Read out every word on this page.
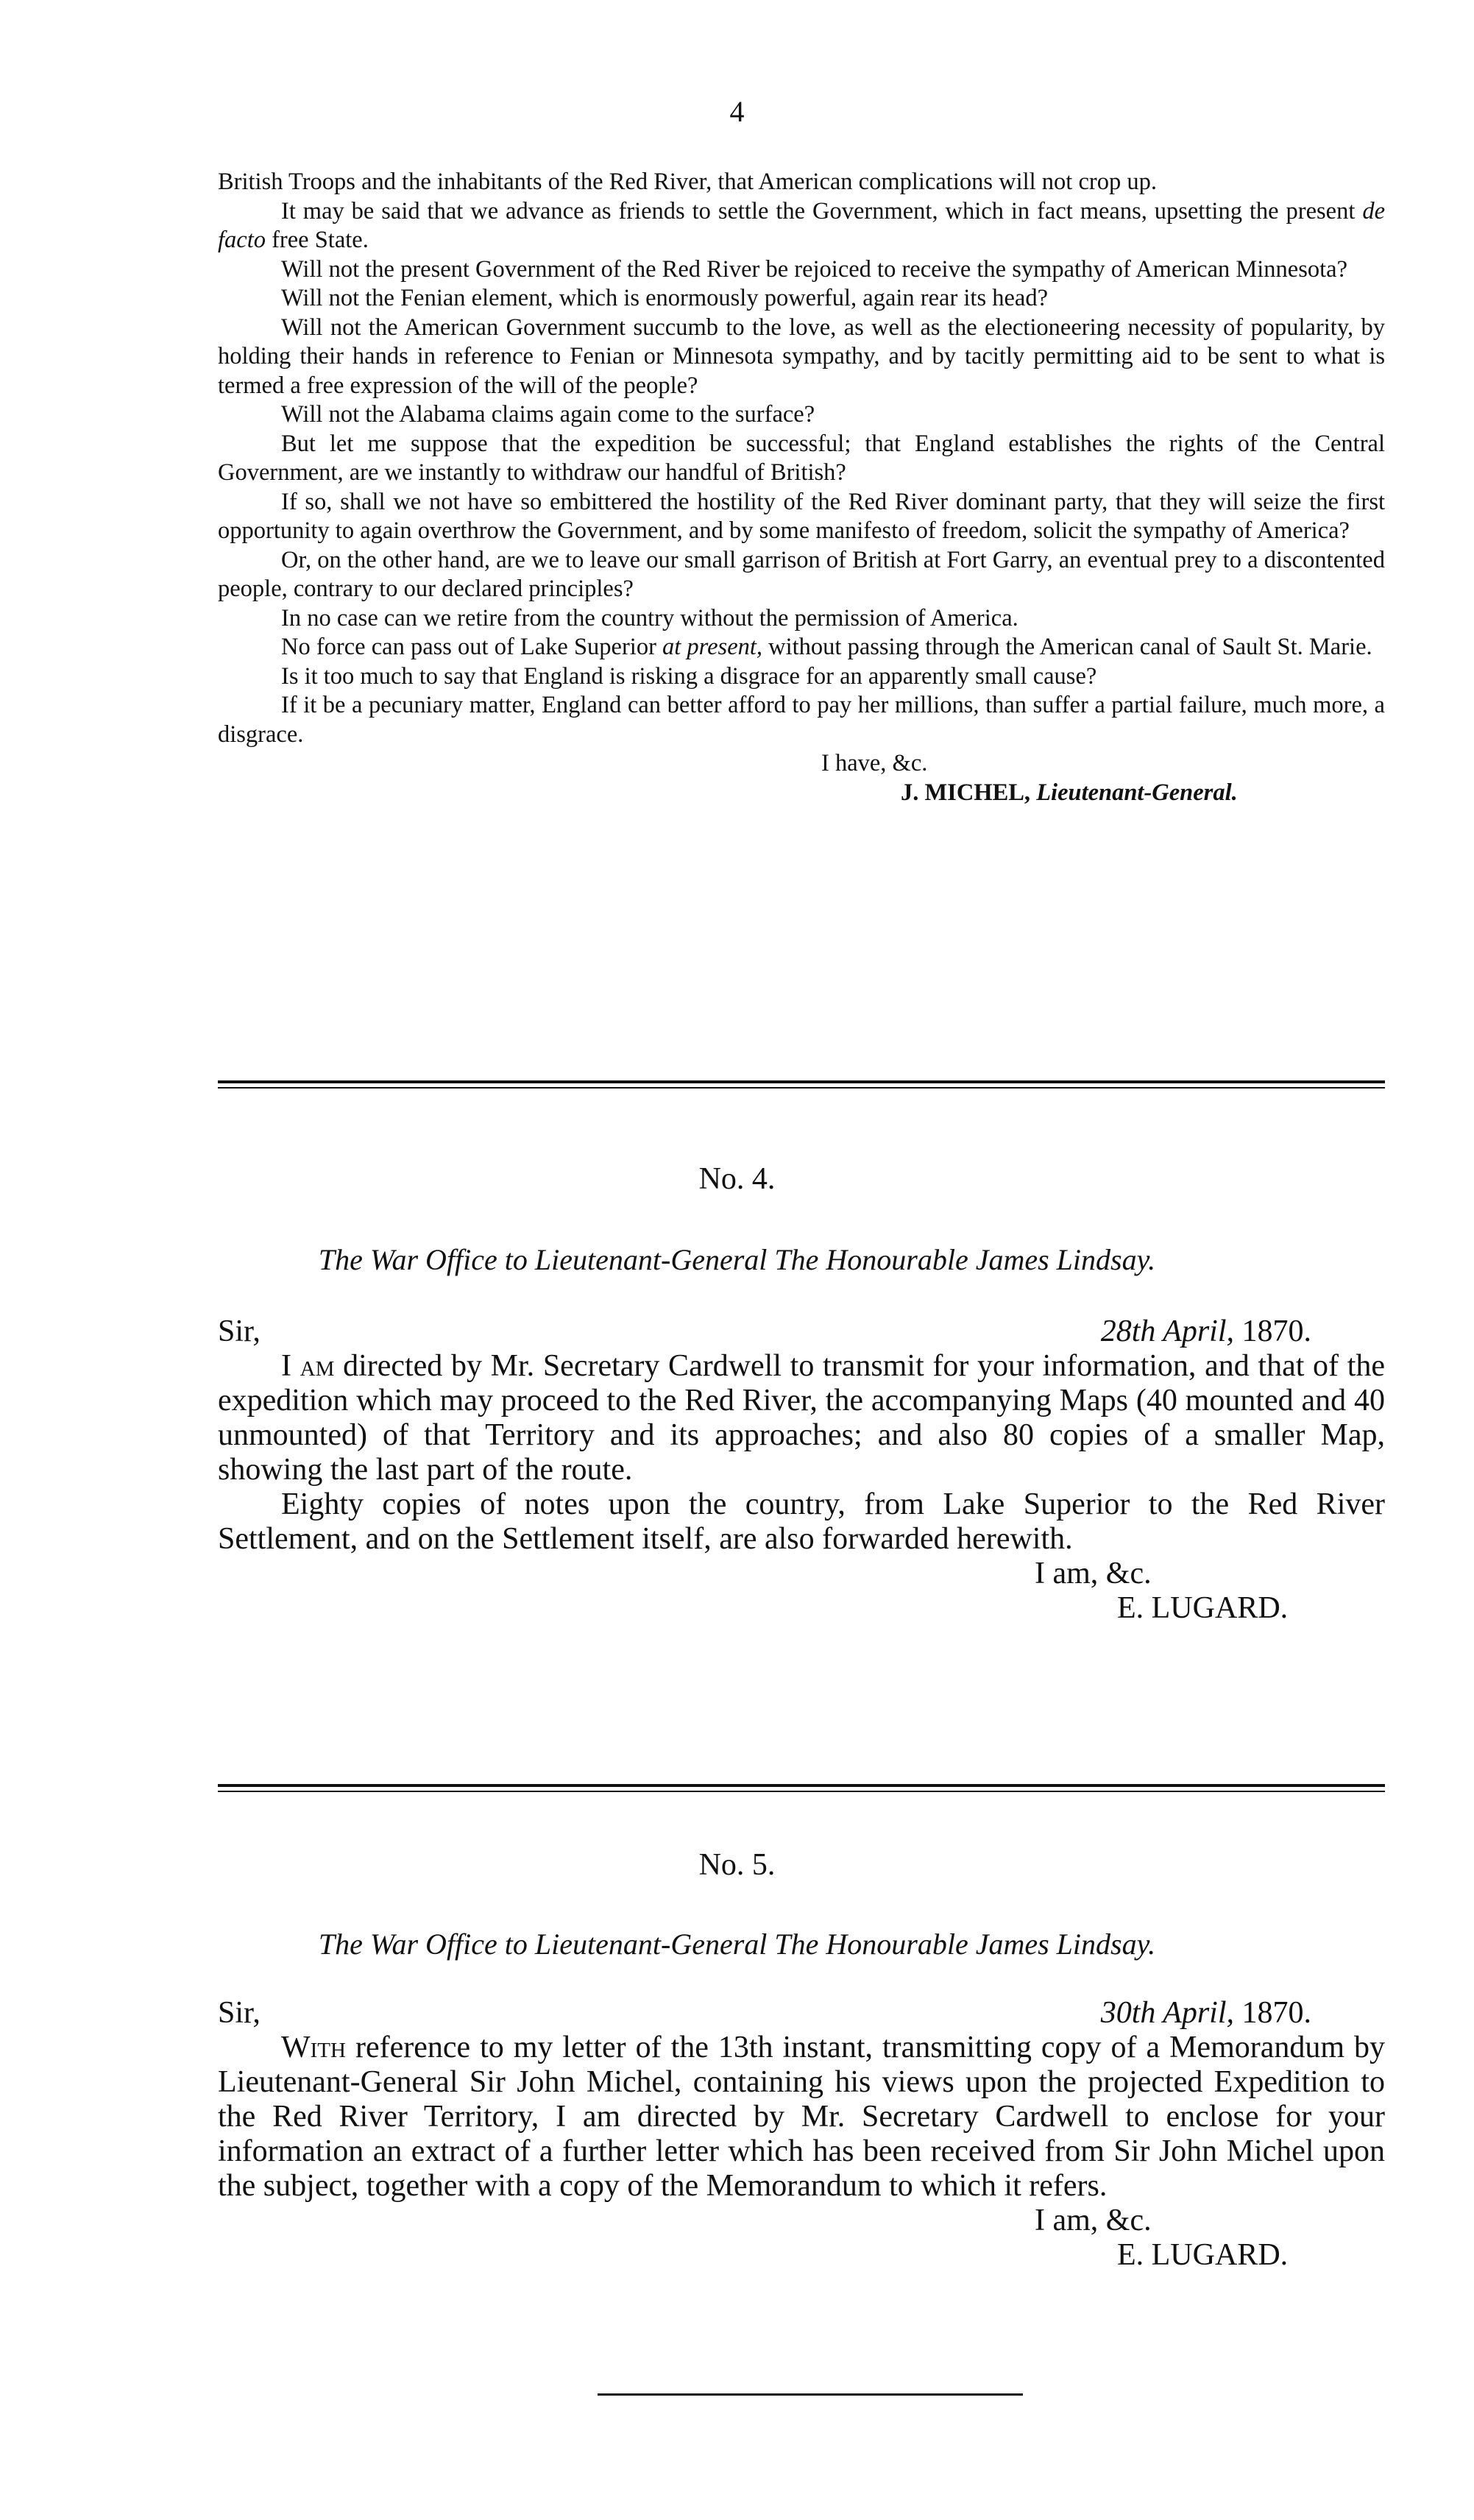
4

British Troops and the inhabitants of the Red River, that American complications will not crop up.

It may be said that we advance as friends to settle the Government, which in fact means, upsetting the present de facto free State.

Will not the present Government of the Red River be rejoiced to receive the sympathy of American Minnesota?

Will not the Fenian element, which is enormously powerful, again rear its head?

Will not the American Government succumb to the love, as well as the electioneering necessity of popularity, by holding their hands in reference to Fenian or Minnesota sympathy, and by tacitly permitting aid to be sent to what is termed a free expression of the will of the people?

Will not the Alabama claims again come to the surface?

But let me suppose that the expedition be successful; that England establishes the rights of the Central Government, are we instantly to withdraw our handful of British?

If so, shall we not have so embittered the hostility of the Red River dominant party, that they will seize the first opportunity to again overthrow the Government, and by some manifesto of freedom, solicit the sympathy of America?

Or, on the other hand, are we to leave our small garrison of British at Fort Garry, an eventual prey to a discontented people, contrary to our declared principles?

In no case can we retire from the country without the permission of America.

No force can pass out of Lake Superior at present, without passing through the American canal of Sault St. Marie.

Is it too much to say that England is risking a disgrace for an apparently small cause?

If it be a pecuniary matter, England can better afford to pay her millions, than suffer a partial failure, much more, a disgrace.

I have, &c.

J. MICHEL, Lieutenant-General.

No. 4.
The War Office to Lieutenant-General The Honourable James Lindsay.
Sir,	28th April, 1870.

I am directed by Mr. Secretary Cardwell to transmit for your information, and that of the expedition which may proceed to the Red River, the accompanying Maps (40 mounted and 40 unmounted) of that Territory and its approaches; and also 80 copies of a smaller Map, showing the last part of the route.

Eighty copies of notes upon the country, from Lake Superior to the Red River Settlement, and on the Settlement itself, are also forwarded herewith.

I am, &c.

E. LUGARD.

No. 5.
The War Office to Lieutenant-General The Honourable James Lindsay.
Sir,	30th April, 1870.

With reference to my letter of the 13th instant, transmitting copy of a Memorandum by Lieutenant-General Sir John Michel, containing his views upon the projected Expedition to the Red River Territory, I am directed by Mr. Secretary Cardwell to enclose for your information an extract of a further letter which has been received from Sir John Michel upon the subject, together with a copy of the Memorandum to which it refers.

I am, &c.

E. LUGARD.
